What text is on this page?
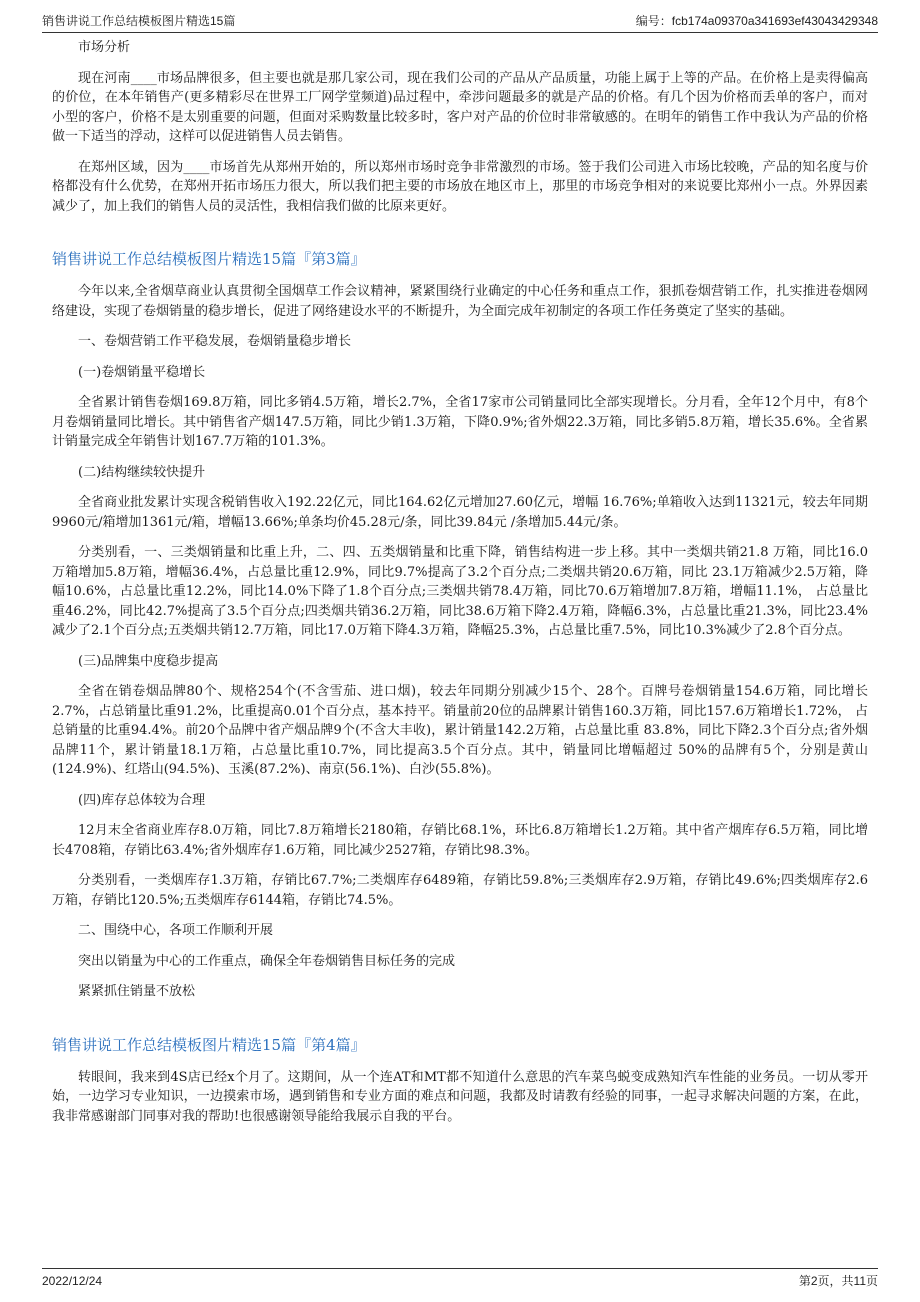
销售讲说工作总结模板图片精选15篇	编号：fcb174a09370a341693ef43043429348

市场分析

现在河南____市场品牌很多，但主要也就是那几家公司，现在我们公司的产品从产品质量，功能上属于上等的产品。在价格上是卖得偏高的价位，在本年销售产(更多精彩尽在世界工厂网学堂频道)品过程中，牵涉问题最多的就是产品的价格。有几个因为价格而丢单的客户，而对小型的客户，价格不是太别重要的问题，但面对采购数量比较多时，客户对产品的价位时非常敏感的。在明年的销售工作中我认为产品的价格做一下适当的浮动，这样可以促进销售人员去销售。

在郑州区域，因为____市场首先从郑州开始的，所以郑州市场时竞争非常激烈的市场。签于我们公司进入市场比较晚，产品的知名度与价格都没有什么优势，在郑州开拓市场压力很大，所以我们把主要的市场放在地区市上，那里的市场竞争相对的来说要比郑州小一点。外界因素减少了，加上我们的销售人员的灵活性，我相信我们做的比原来更好。

销售讲说工作总结模板图片精选15篇『第3篇』

今年以来,全省烟草商业认真贯彻全国烟草工作会议精神，紧紧围绕行业确定的中心任务和重点工作，狠抓卷烟营销工作，扎实推进卷烟网络建设，实现了卷烟销量的稳步增长，促进了网络建设水平的不断提升，为全面完成年初制定的各项工作任务奠定了坚实的基础。

一、卷烟营销工作平稳发展，卷烟销量稳步增长

(一)卷烟销量平稳增长

全省累计销售卷烟169.8万箱，同比多销4.5万箱，增长2.7%，全省17家市公司销量同比全部实现增长。分月看，全年12个月中，有8个月卷烟销量同比增长。其中销售省产烟147.5万箱，同比少销1.3万箱，下降0.9%;省外烟22.3万箱，同比多销5.8万箱，增长35.6%。全省累计销量完成全年销售计划167.7万箱的101.3%。

(二)结构继续较快提升

全省商业批发累计实现含税销售收入192.22亿元，同比164.62亿元增加27.60亿元，增幅 16.76%;单箱收入达到11321元，较去年同期9960元/箱增加1361元/箱，增幅13.66%;单条均价45.28元/条，同比39.84元 /条增加5.44元/条。

分类别看，一、三类烟销量和比重上升，二、四、五类烟销量和比重下降，销售结构进一步上移。其中一类烟共销21.8 万箱，同比16.0万箱增加5.8万箱，增幅36.4%，占总量比重12.9%，同比9.7%提高了3.2个百分点;二类烟共销20.6万箱，同比 23.1万箱减少2.5万箱，降幅10.6%，占总量比重12.2%，同比14.0%下降了1.8个百分点;三类烟共销78.4万箱，同比70.6万箱增加7.8万箱，增幅11.1%， 占总量比重46.2%，同比42.7%提高了3.5个百分点;四类烟共销36.2万箱，同比38.6万箱下降2.4万箱，降幅6.3%，占总量比重21.3%，同比23.4%减少了2.1个百分点;五类烟共销12.7万箱，同比17.0万箱下降4.3万箱，降幅25.3%，占总量比重7.5%，同比10.3%减少了2.8个百分点。

(三)品牌集中度稳步提高

全省在销卷烟品牌80个、规格254个(不含雪茄、进口烟)，较去年同期分别减少15个、28个。百牌号卷烟销量154.6万箱，同比增长2.7%，占总销量比重91.2%，比重提高0.01个百分点，基本持平。销量前20位的品牌累计销售160.3万箱，同比157.6万箱增长1.72%， 占总销量的比重94.4%。前20个品牌中省产烟品牌9个(不含大丰收)，累计销量142.2万箱，占总量比重 83.8%，同比下降2.3个百分点;省外烟品牌11个，累计销量18.1万箱，占总量比重10.7%，同比提高3.5个百分点。其中，销量同比增幅超过 50%的品牌有5个，分别是黄山(124.9%)、红塔山(94.5%)、玉溪(87.2%)、南京(56.1%)、白沙(55.8%)。

(四)库存总体较为合理

12月末全省商业库存8.0万箱，同比7.8万箱增长2180箱，存销比68.1%，环比6.8万箱增长1.2万箱。其中省产烟库存6.5万箱，同比增长4708箱，存销比63.4%;省外烟库存1.6万箱，同比减少2527箱，存销比98.3%。

分类别看，一类烟库存1.3万箱，存销比67.7%;二类烟库存6489箱，存销比59.8%;三类烟库存2.9万箱，存销比49.6%;四类烟库存2.6万箱，存销比120.5%;五类烟库存6144箱，存销比74.5%。

二、围绕中心，各项工作顺利开展

突出以销量为中心的工作重点，确保全年卷烟销售目标任务的完成

紧紧抓住销量不放松

销售讲说工作总结模板图片精选15篇『第4篇』

转眼间，我来到4S店已经x个月了。这期间，从一个连AT和MT都不知道什么意思的汽车菜鸟蜕变成熟知汽车性能的业务员。一切从零开始，一边学习专业知识，一边摸索市场，遇到销售和专业方面的难点和问题，我都及时请教有经验的同事，一起寻求解决问题的方案，在此，我非常感谢部门同事对我的帮助!也很感谢领导能给我展示自我的平台。

2022/12/24	第2页，共11页
